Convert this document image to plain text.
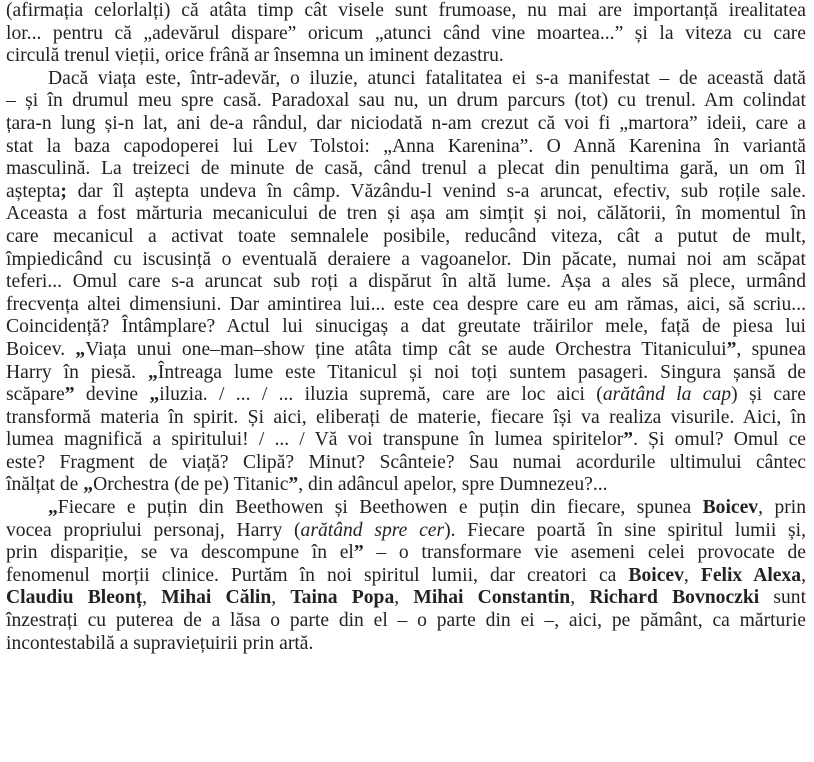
(afirmația celorlalți) că atâta timp cât visele sunt frumoase, nu mai are importanță irealitatea
lor... pentru că „adevărul dispare” oricum „atunci când vine moartea...” și la viteza cu care
circulă trenul vieții, orice frână ar însemna un iminent dezastru.
Dacă viața este, într-adevăr, o iluzie, atunci fatalitatea ei s-a manifestat – de această dată
– și în drumul meu spre casă. Paradoxal sau nu, un drum parcurs (tot) cu trenul. Am colindat
țara-n lung și-n lat, ani de-a rândul, dar niciodată n-am crezut că voi fi „martora” ideii, care a
stat la baza capodoperei lui Lev Tolstoi: „Anna Karenina”. O Annă Karenina în variantă
masculină. La treizeci de minute de casă, când trenul a plecat din penultima gară, un om îl
aștepta; dar îl aștepta undeva în câmp. Văzându-l venind s-a aruncat, efectiv, sub roțile sale.
Aceasta a fost mărturia mecanicului de tren și așa am simțit și noi, călătorii, în momentul în
care mecanicul a activat toate semnalele posibile, reducând viteza, cât a putut de mult,
împiedicând cu iscusință o eventuală deraiere a vagoanelor. Din păcate, numai noi am scăpat
teferi... Omul care s-a aruncat sub roți a dispărut în altă lume. Așa a ales să plece, urmând
frecvența altei dimensiuni. Dar amintirea lui... este cea despre care eu am rămas, aici, să scriu...
Coincidență? Întâmplare? Actul lui sinucigaș a dat greutate trăirilor mele, față de piesa lui
Boicev. „Viața unui one–man–show ține atâta timp cât se aude Orchestra Titanicului”, spunea
Harry în piesă. „Întreaga lume este Titanicul și noi toți suntem pasageri. Singura șansă de
scăpare” devine „iluzia. / ... / ... iluzia supremă, care are loc aici (arătând la cap) și care
transformă materia în spirit. Și aici, eliberați de materie, fiecare își va realiza visurile. Aici, în
lumea magnifică a spiritului! / ... / Vă voi transpune în lumea spiritelor”. Și omul? Omul ce
este? Fragment de viață? Clipă? Minut? Scânteie? Sau numai acordurile ultimului cântec
înălțat de „Orchestra (de pe) Titanic”, din adâncul apelor, spre Dumnezeu?...
„Fiecare e puțin din Beethowen și Beethowen e puțin din fiecare, spunea Boicev, prin
vocea propriului personaj, Harry (arătând spre cer). Fiecare poartă în sine spiritul lumii și,
prin dispariție, se va descompune în el” – o transformare vie asemeni celei provocate de
fenomenul morții clinice. Purtăm în noi spiritul lumii, dar creatori ca Boicev, Felix Alexa,
Claudiu Bleonț, Mihai Călin, Taina Popa, Mihai Constantin, Richard Bovnoczki sunt
înzestrați cu puterea de a lăsa o parte din el – o parte din ei –, aici, pe pământ, ca mărturie
incontestabilă a supraviețuirii prin artă.
